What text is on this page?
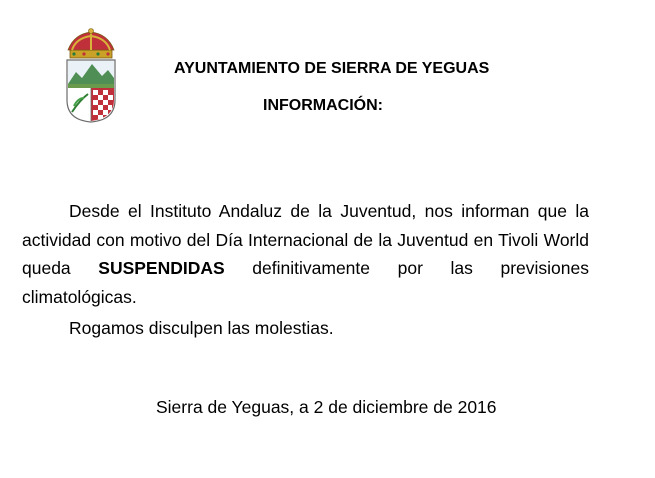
AYUNTAMIENTO DE SIERRA DE YEGUAS
INFORMACIÓN:

Desde el Instituto Andaluz de la Juventud, nos informan que la actividad con motivo del Día Internacional de la Juventud en Tivoli World queda SUSPENDIDAS definitivamente por las previsiones climatológicas.

Rogamos disculpen las molestias.
Sierra de Yeguas, a 2 de diciembre de 2016
